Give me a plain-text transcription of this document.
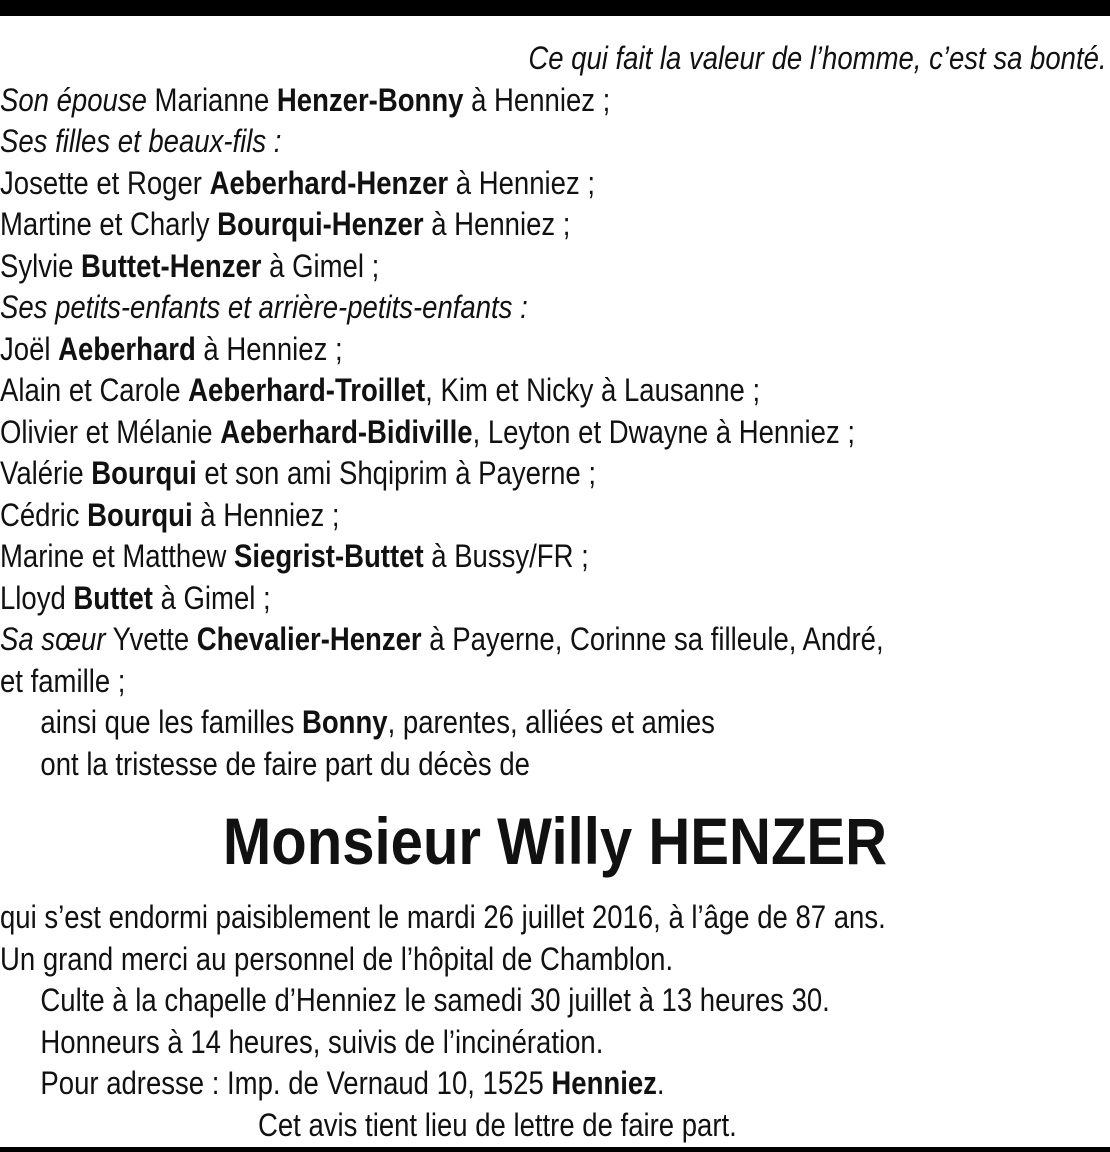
Ce qui fait la valeur de l’homme, c’est sa bonté.
Son épouse Marianne Henzer-Bonny à Henniez ;
Ses filles et beaux-fils :
Josette et Roger Aeberhard-Henzer à Henniez ;
Martine et Charly Bourqui-Henzer à Henniez ;
Sylvie Buttet-Henzer à Gimel ;
Ses petits-enfants et arrière-petits-enfants :
Joël Aeberhard à Henniez ;
Alain et Carole Aeberhard-Troillet, Kim et Nicky à Lausanne ;
Olivier et Mélanie Aeberhard-Bidiville, Leyton et Dwayne à Henniez ;
Valérie Bourqui et son ami Shqiprim à Payerne ;
Cédric Bourqui à Henniez ;
Marine et Matthew Siegrist-Buttet à Bussy/FR ;
Lloyd Buttet à Gimel ;
Sa sœur Yvette Chevalier-Henzer à Payerne, Corinne sa filleule, André,
et famille ;
ainsi que les familles Bonny, parentes, alliées et amies
ont la tristesse de faire part du décès de
Monsieur Willy HENZER
qui s’est endormi paisiblement le mardi 26 juillet 2016, à l’âge de 87 ans.
Un grand merci au personnel de l’hôpital de Chamblon.
Culte à la chapelle d’Henniez le samedi 30 juillet à 13 heures 30.
Honneurs à 14 heures, suivis de l’incinération.
Pour adresse : Imp. de Vernaud 10, 1525 Henniez.
Cet avis tient lieu de lettre de faire part.
